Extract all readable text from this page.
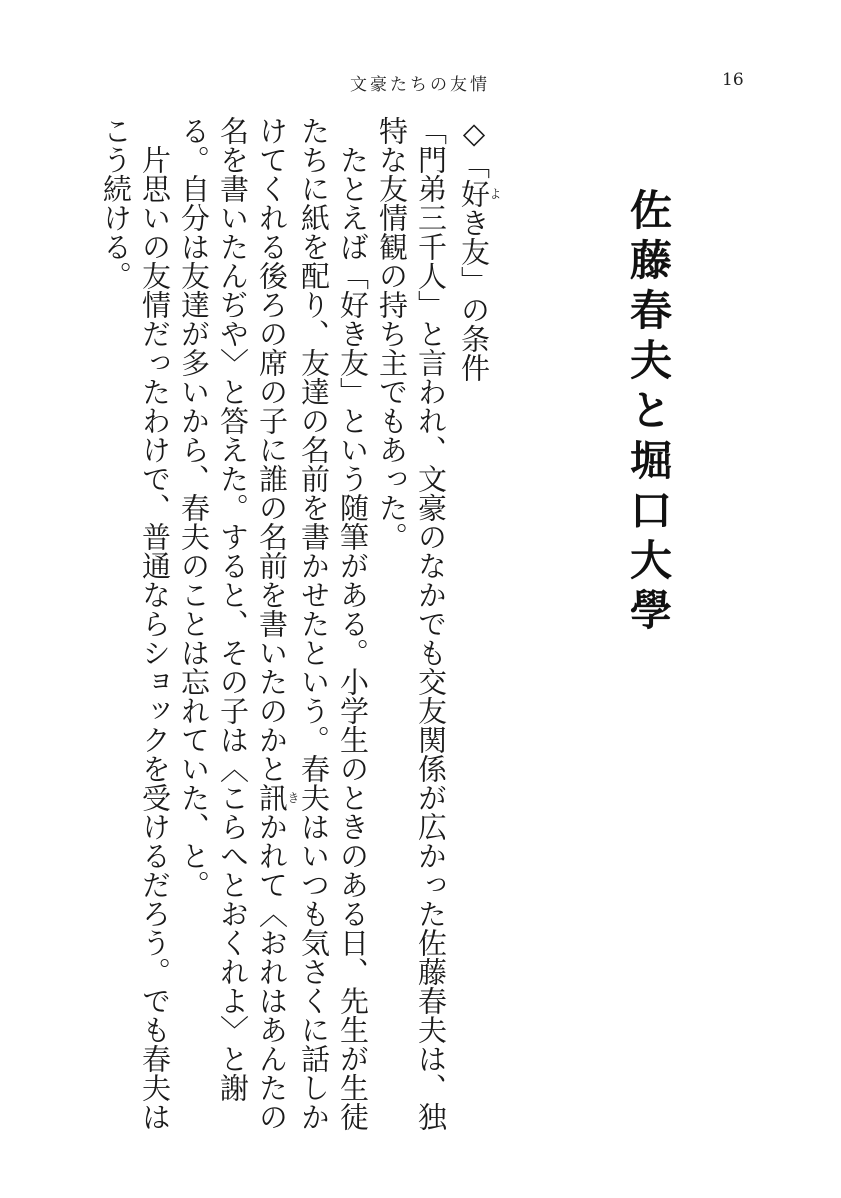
文豪たちの友情	16
佐藤春夫と堀口大學

◇「好よき友」の条件

「門弟三千人」と言われ、文豪のなかでも交友関係が広かった佐藤春夫は、独特な友情観の持ち主でもあった。

たとえば「好き友」という随筆がある。小学生のときのある日、先生が生徒たちに紙を配り、友達の名前を書かせたという。春夫はいつも気さくに話しかけてくれる後ろの席の子に誰の名前を書いたのかと訊きかれて〈おれはあんたの名を書いたんぢや〉と答えた。すると、その子は〈こらへとおくれよ〉と謝る。自分は友達が多いから、春夫のことは忘れていた、と。

片思いの友情だったわけで、普通ならショックを受けるだろう。でも春夫はこう続ける。
